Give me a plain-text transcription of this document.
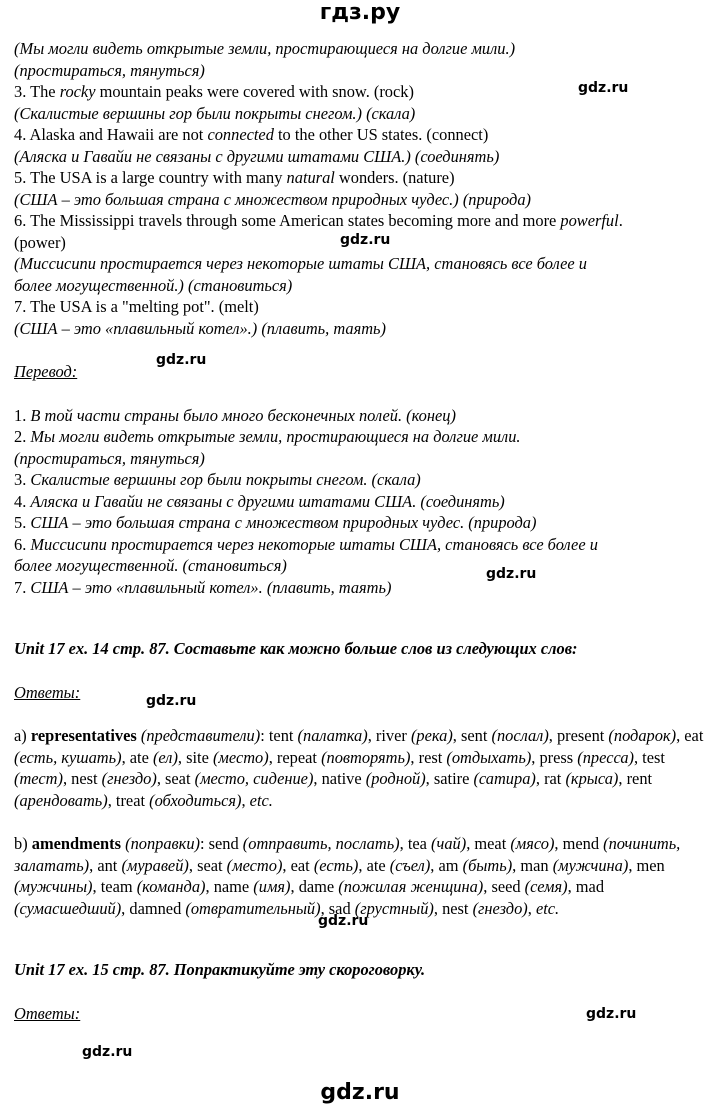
гдз.ру

(Мы могли видеть открытые земли, простирающиеся на долгие мили.)

(простираться, тянуться)

3. The rocky mountain peaks were covered with snow. (rock)

(Скалистые вершины гор были покрыты снегом.) (скала)

4. Alaska and Hawaii are not connected to the other US states. (connect)

(Аляска и Гавайи не связаны с другими штатами США.) (соединять)

5. The USA is a large country with many natural wonders. (nature)

(США – это большая страна с множеством природных чудес.) (природа)

6. The Mississippi travels through some American states becoming more and more powerful.

(power)

(Миссисипи простирается через некоторые штаты США, становясь все более и

более могущественной.) (становиться)

7. The USA is a "melting pot". (melt)

(США – это «плавильный котел».) (плавить, таять)

Перевод:

1. В той части страны было много бесконечных полей. (конец)

2. Мы могли видеть открытые земли, простирающиеся на долгие мили.

(простираться, тянуться)

3. Скалистые вершины гор были покрыты снегом. (скала)

4. Аляска и Гавайи не связаны с другими штатами США. (соединять)

5. США – это большая страна с множеством природных чудес. (природа)

6. Миссисипи простирается через некоторые штаты США, становясь все более и

более могущественной. (становиться)

7. США – это «плавильный котел». (плавить, таять)

Unit 17 ex. 14 стр. 87. Составьте как можно больше слов из следующих слов:

Ответы:

a) representatives (представители): tent (палатка), river (река), sent (послал), present (подарок), eat (есть, кушать), ate (ел), site (место), repeat (повторять), rest (отдыхать), press (пресса), test (тест), nest (гнездо), seat (место, сидение), native (родной), satire (сатира), rat (крыса), rent (арендовать), treat (обходиться), etc.

b) amendments (поправки): send (отправить, послать), tea (чай), meat (мясо), mend (починить, залатать), ant (муравей), seat (место), eat (есть), ate (съел), am (быть), man (мужчина), men (мужчины), team (команда), name (имя), dame (пожилая женщина), seed (семя), mad (сумасшедший), damned (отвратительный), sad (грустный), nest (гнездо), etc.

Unit 17 ex. 15 стр. 87. Попрактикуйте эту скороговорку.

Ответы:

gdz.ru
gdz.ru
gdz.ru
gdz.ru
gdz.ru
gdz.ru
gdz.ru
gdz.ru
gdz.ru
